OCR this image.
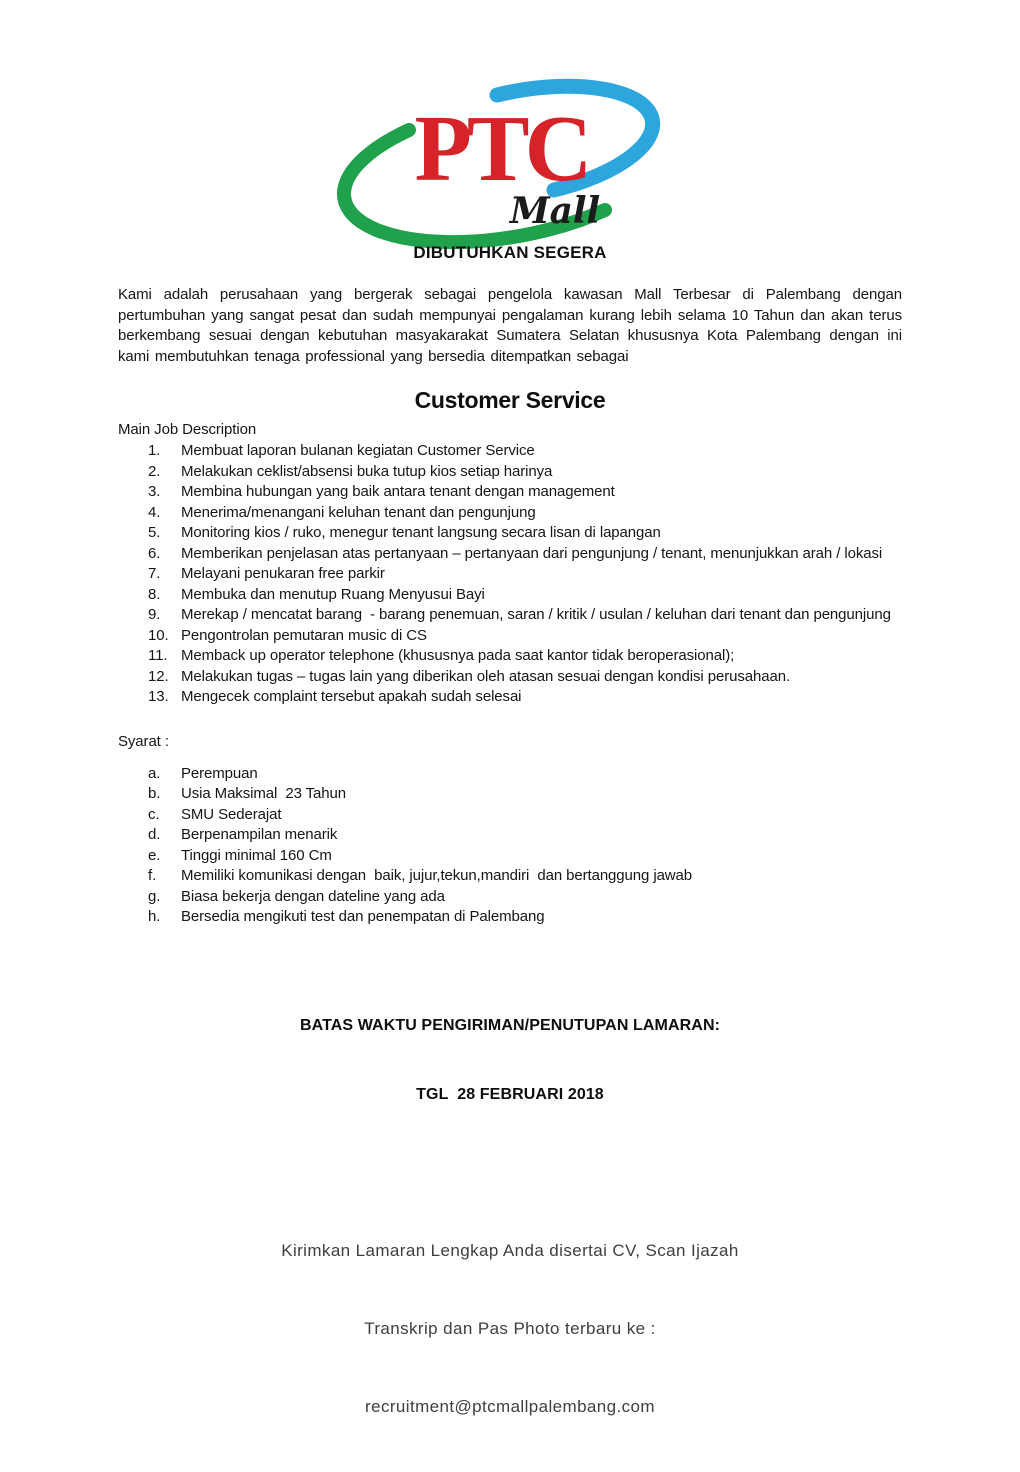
PTC
Mall
DIBUTUHKAN SEGERA

Kami adalah perusahaan yang bergerak sebagai pengelola kawasan Mall Terbesar di Palembang dengan pertumbuhan yang sangat pesat dan sudah mempunyai pengalaman kurang lebih selama 10 Tahun dan akan terus berkembang sesuai dengan kebutuhan masyakarakat Sumatera Selatan khususnya Kota Palembang dengan ini kami membutuhkan tenaga professional yang bersedia ditempatkan sebagai

Customer Service
Main Job Description
1.	Membuat laporan bulanan kegiatan Customer Service
2.	Melakukan ceklist/absensi buka tutup kios setiap harinya
3.	Membina hubungan yang baik antara tenant dengan management
4.	Menerima/menangani keluhan tenant dan pengunjung
5.	Monitoring kios / ruko, menegur tenant langsung secara lisan di lapangan
6.	Memberikan penjelasan atas pertanyaan – pertanyaan dari pengunjung / tenant, menunjukkan arah / lokasi
7.	Melayani penukaran free parkir
8.	Membuka dan menutup Ruang Menyusui Bayi
9.	Merekap / mencatat barang  - barang penemuan, saran / kritik / usulan / keluhan dari tenant dan pengunjung
10. Pengontrolan pemutaran music di CS
11. Memback up operator telephone (khususnya pada saat kantor tidak beroperasional);
12. Melakukan tugas – tugas lain yang diberikan oleh atasan sesuai dengan kondisi perusahaan.
13. Mengecek complaint tersebut apakah sudah selesai
Syarat :
a.	Perempuan
b.	Usia Maksimal  23 Tahun
c.	SMU Sederajat
d.	Berpenampilan menarik
e.	Tinggi minimal 160 Cm
f.	Memiliki komunikasi dengan  baik, jujur,tekun,mandiri  dan bertanggung jawab
g.	Biasa bekerja dengan dateline yang ada
h.	Bersedia mengikuti test dan penempatan di Palembang

BATAS WAKTU PENGIRIMAN/PENUTUPAN LAMARAN:

TGL  28 FEBRUARI 2018

Kirimkan Lamaran Lengkap Anda disertai CV, Scan Ijazah

Transkrip dan Pas Photo terbaru ke :

recruitment@ptcmallpalembang.com
